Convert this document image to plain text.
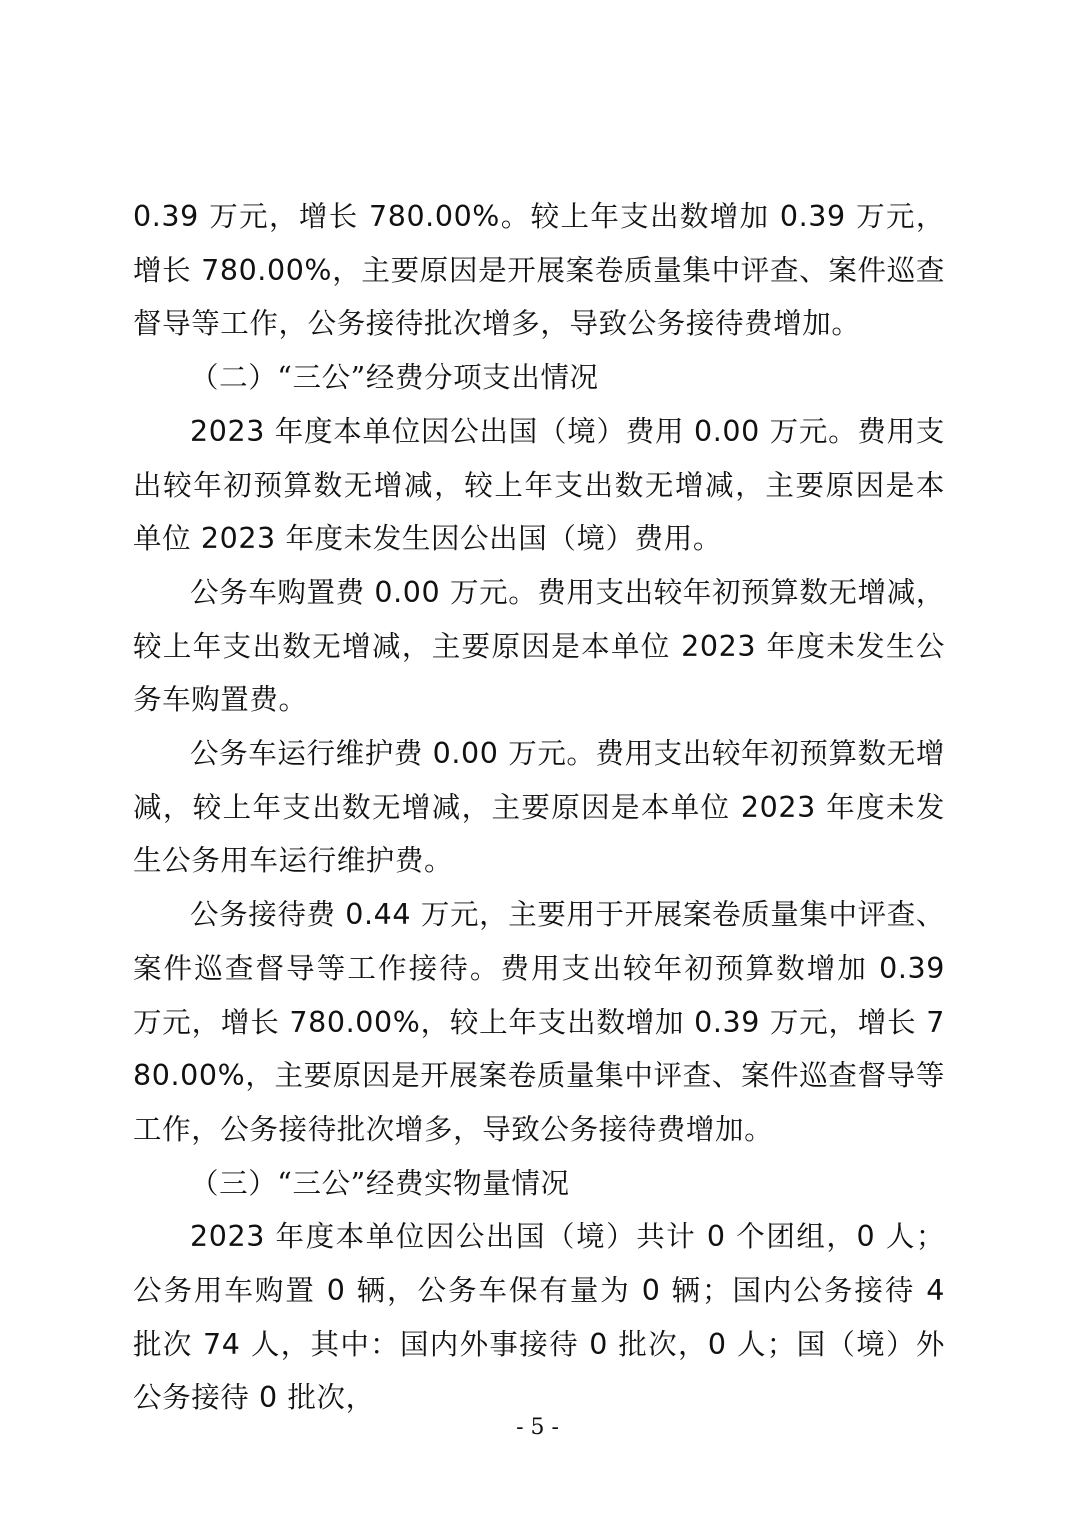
0.39 万元，增长 780.00%。较上年支出数增加 0.39 万元，增长 780.00%，主要原因是开展案卷质量集中评查、案件巡查督导等工作，公务接待批次增多，导致公务接待费增加。

（二）“三公”经费分项支出情况

2023 年度本单位因公出国（境）费用 0.00 万元。费用支出较年初预算数无增减，较上年支出数无增减，主要原因是本单位 2023 年度未发生因公出国（境）费用。

公务车购置费 0.00 万元。费用支出较年初预算数无增减，较上年支出数无增减，主要原因是本单位 2023 年度未发生公务车购置费。

公务车运行维护费 0.00 万元。费用支出较年初预算数无增减，较上年支出数无增减，主要原因是本单位 2023 年度未发生公务用车运行维护费。

公务接待费 0.44 万元，主要用于开展案卷质量集中评查、案件巡查督导等工作接待。费用支出较年初预算数增加 0.39 万元，增长 780.00%，较上年支出数增加 0.39 万元，增长 780.00%，主要原因是开展案卷质量集中评查、案件巡查督导等工作，公务接待批次增多，导致公务接待费增加。

（三）“三公”经费实物量情况

2023 年度本单位因公出国（境）共计 0 个团组，0 人；公务用车购置 0 辆，公务车保有量为 0 辆；国内公务接待 4 批次 74 人，其中：国内外事接待 0 批次，0 人；国（境）外公务接待 0 批次，

- 5 -
